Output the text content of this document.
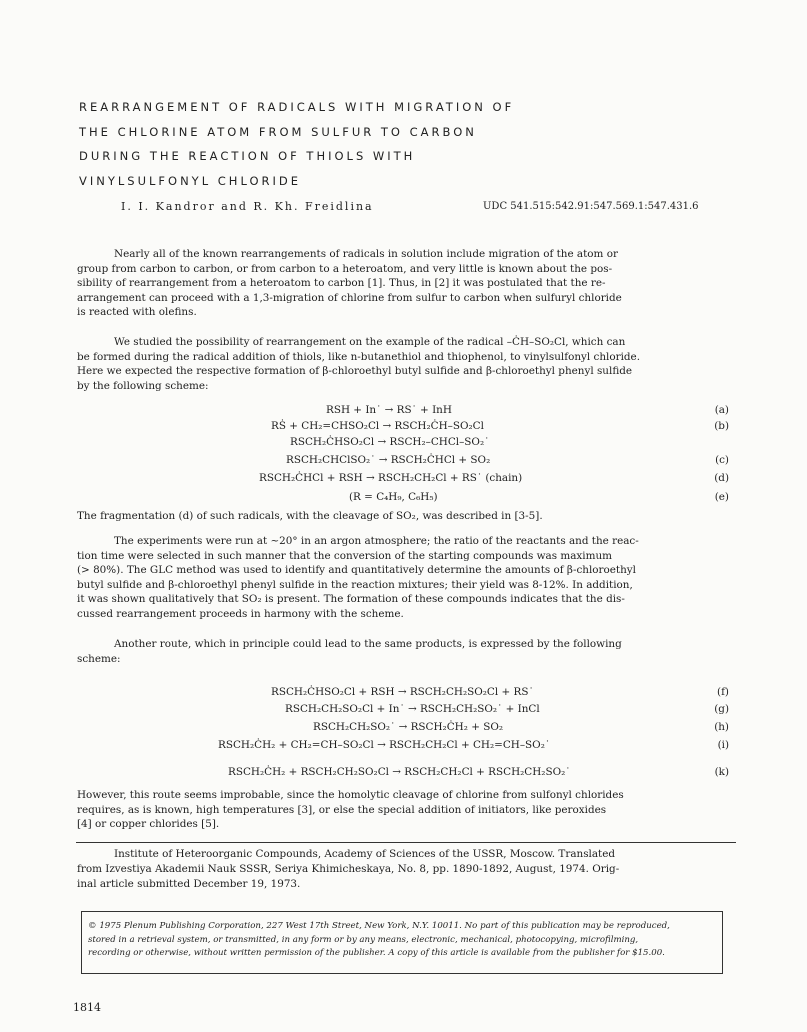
REARRANGEMENT OF RADICALS WITH MIGRATION OF
THE CHLORINE ATOM FROM SULFUR TO CARBON
DURING THE REACTION OF THIOLS WITH
VINYLSULFONYL CHLORIDE
I. I. Kandror and R. Kh. Freidlina	UDC 541.515:542.91:547.569.1:547.431.6
Nearly all of the known rearrangements of radicals in solution include migration of the atom or
group from carbon to carbon, or from carbon to a heteroatom, and very little is known about the pos-
sibility of rearrangement from a heteroatom to carbon [1]. Thus, in [2] it was postulated that the re-
arrangement can proceed with a 1,3-migration of chlorine from sulfur to carbon when sulfuryl chloride
is reacted with olefins.
We studied the possibility of rearrangement on the example of the radical –ĊH–SO₂Cl, which can
be formed during the radical addition of thiols, like n-butanethiol and thiophenol, to vinylsulfonyl chloride.
Here we expected the respective formation of β-chloroethyl butyl sulfide and β-chloroethyl phenyl sulfide
by the following scheme:
RSH + In˙ → RS˙ + InH	(a)
RṠ + CH₂=CHSO₂Cl → RSCH₂ĊH–SO₂Cl	(b)
RSCH₂ĊHSO₂Cl → RSCH₂–CHCl–SO₂˙
RSCH₂CHClSO₂˙ → RSCH₂ĊHCl + SO₂	(c)
RSCH₂ĊHCl + RSH → RSCH₂CH₂Cl + RS˙ (chain)	(d)
(R = C₄H₉, C₆H₅)	(e)
The fragmentation (d) of such radicals, with the cleavage of SO₂, was described in [3-5].
The experiments were run at ~20° in an argon atmosphere; the ratio of the reactants and the reac-
tion time were selected in such manner that the conversion of the starting compounds was maximum
(> 80%). The GLC method was used to identify and quantitatively determine the amounts of β-chloroethyl
butyl sulfide and β-chloroethyl phenyl sulfide in the reaction mixtures; their yield was 8-12%. In addition,
it was shown qualitatively that SO₂ is present. The formation of these compounds indicates that the dis-
cussed rearrangement proceeds in harmony with the scheme.
Another route, which in principle could lead to the same products, is expressed by the following
scheme:
RSCH₂ĊHSO₂Cl + RSH → RSCH₂CH₂SO₂Cl + RS˙	(f)
RSCH₂CH₂SO₂Cl + In˙ → RSCH₂CH₂SO₂˙ + InCl	(g)
RSCH₂CH₂SO₂˙ → RSCH₂ĊH₂ + SO₂	(h)
RSCH₂ĊH₂ + CH₂=CH–SO₂Cl → RSCH₂CH₂Cl + CH₂=CH–SO₂˙	(i)
RSCH₂ĊH₂ + RSCH₂CH₂SO₂Cl → RSCH₂CH₂Cl + RSCH₂CH₂SO₂˙	(k)
However, this route seems improbable, since the homolytic cleavage of chlorine from sulfonyl chlorides
requires, as is known, high temperatures [3], or else the special addition of initiators, like peroxides
[4] or copper chlorides [5].
Institute of Heteroorganic Compounds, Academy of Sciences of the USSR, Moscow. Translated
from Izvestiya Akademii Nauk SSSR, Seriya Khimicheskaya, No. 8, pp. 1890-1892, August, 1974. Orig-
inal article submitted December 19, 1973.
© 1975 Plenum Publishing Corporation, 227 West 17th Street, New York, N.Y. 10011. No part of this publication may be reproduced,
stored in a retrieval system, or transmitted, in any form or by any means, electronic, mechanical, photocopying, microfilming,
recording or otherwise, without written permission of the publisher. A copy of this article is available from the publisher for $15.00.
1814
